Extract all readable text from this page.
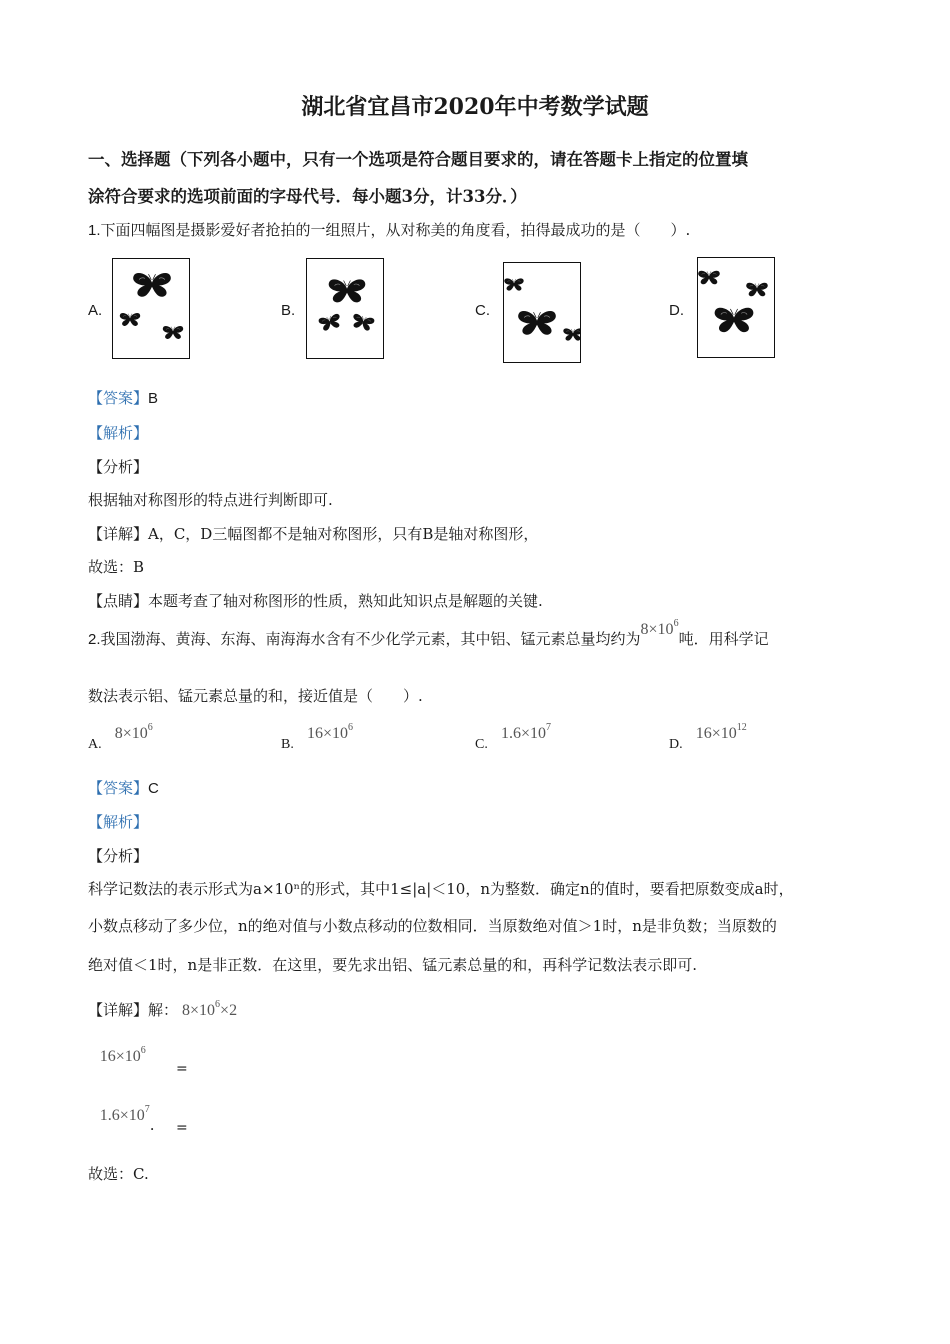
湖北省宜昌市2020年中考数学试题
一、选择题（下列各小题中，只有一个选项是符合题目要求的，请在答题卡上指定的位置填
涂符合要求的选项前面的字母代号．每小题3分，计33分．）
1.下面四幅图是摄影爱好者抢拍的一组照片，从对称美的角度看，拍得最成功的是（　　）.
A.	B.	C.	D.
【答案】B
【解析】
【分析】
根据轴对称图形的特点进行判断即可.
【详解】A，C，D三幅图都不是轴对称图形，只有B是轴对称图形，
故选：B
【点睛】本题考查了轴对称图形的性质，熟知此知识点是解题的关键.
2.我国渤海、黄海、东海、南海海水含有不少化学元素，其中铝、锰元素总量均约为$8\times 10^6$吨．用科学记
数法表示铝、锰元素总量的和，接近值是（　　）.
A. $8\times 10^6$
B. $16\times 10^6$
C. $1.6\times 10^7$
D. $16\times 10^{12}$
【答案】C
【解析】
【分析】
科学记数法的表示形式为a×10ⁿ的形式，其中1≤|a|＜10，n为整数．确定n的值时，要看把原数变成a时，
小数点移动了多少位，n的绝对值与小数点移动的位数相同．当原数绝对值＞1时，n是非负数；当原数的
绝对值＜1时，n是非正数．在这里，要先求出铝、锰元素总量的和，再科学记数法表示即可.
【详解】解： $8\times 10^6\times 2$
$=16\times 10^6$
$=1.6\times 10^7$.
故选：C.
